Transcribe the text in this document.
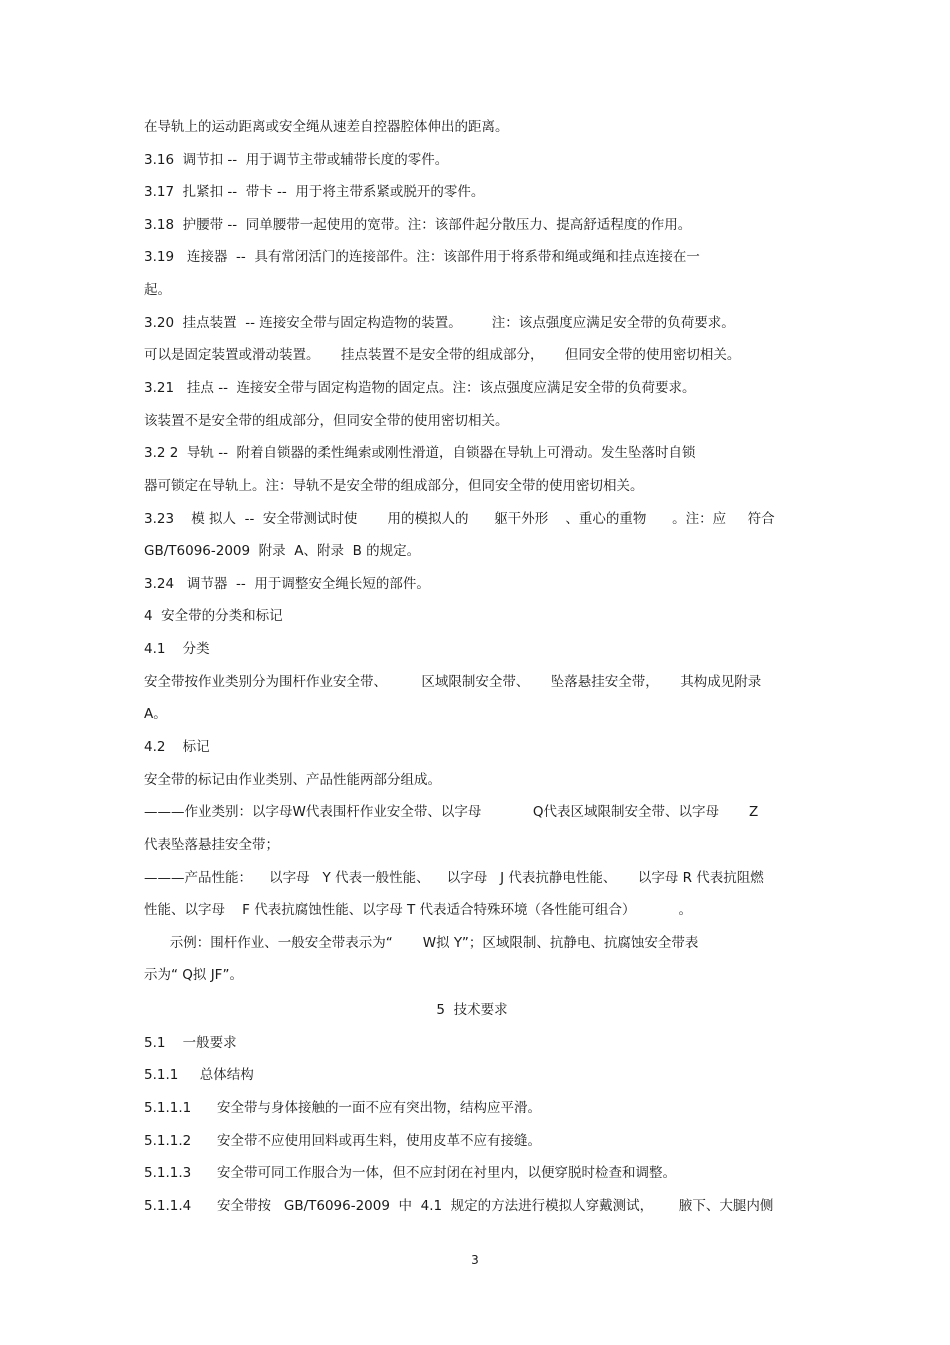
在导轨上的运动距离或安全绳从速差自控器腔体伸出的距离。
3.16  调节扣 --  用于调节主带或辅带长度的零件。
3.17  扎紧扣 --  带卡 --  用于将主带系紧或脱开的零件。
3.18  护腰带 --  同单腰带一起使用的宽带。注：该部件起分散压力、提高舒适程度的作用。
3.19   连接器  --  具有常闭活门的连接部件。注：该部件用于将系带和绳或绳和挂点连接在一
起。
3.20  挂点装置  -- 连接安全带与固定构造物的装置。       注：该点强度应满足安全带的负荷要求。
可以是固定装置或滑动装置。     挂点装置不是安全带的组成部分，     但同安全带的使用密切相关。
3.21   挂点 --  连接安全带与固定构造物的固定点。注：该点强度应满足安全带的负荷要求。
该装置不是安全带的组成部分，但同安全带的使用密切相关。
3.2 2  导轨 --  附着自锁器的柔性绳索或刚性滑道，自锁器在导轨上可滑动。发生坠落时自锁
器可锁定在导轨上。注：导轨不是安全带的组成部分，但同安全带的使用密切相关。
3.23    模 拟人  --  安全带测试时使       用的模拟人的      躯干外形    、重心的重物      。注：应     符合
GB/T6096-2009  附录  A、附录  B 的规定。
3.24   调节器  --  用于调整安全绳长短的部件。
4  安全带的分类和标记
4.1    分类
安全带按作业类别分为围杆作业安全带、        区域限制安全带、     坠落悬挂安全带，     其构成见附录
A。
4.2    标记
安全带的标记由作业类别、产品性能两部分组成。
———作业类别：以字母W代表围杆作业安全带、以字母            Q代表区域限制安全带、以字母       Z
代表坠落悬挂安全带；
———产品性能：    以字母   Y 代表一般性能、    以字母   J 代表抗静电性能、     以字母 R 代表抗阻燃
性能、以字母    F 代表抗腐蚀性能、以字母 T 代表适合特殊环境（各性能可组合）          。
示例：围杆作业、一般安全带表示为“       W拟 Y”；区域限制、抗静电、抗腐蚀安全带表
示为“ Q拟 JF”。
5  技术要求
5.1    一般要求
5.1.1     总体结构
5.1.1.1      安全带与身体接触的一面不应有突出物，结构应平滑。
5.1.1.2      安全带不应使用回料或再生料，使用皮革不应有接缝。
5.1.1.3      安全带可同工作服合为一体，但不应封闭在衬里内，以便穿脱时检查和调整。
5.1.1.4      安全带按   GB/T6096-2009  中  4.1  规定的方法进行模拟人穿戴测试，      腋下、大腿内侧
3
